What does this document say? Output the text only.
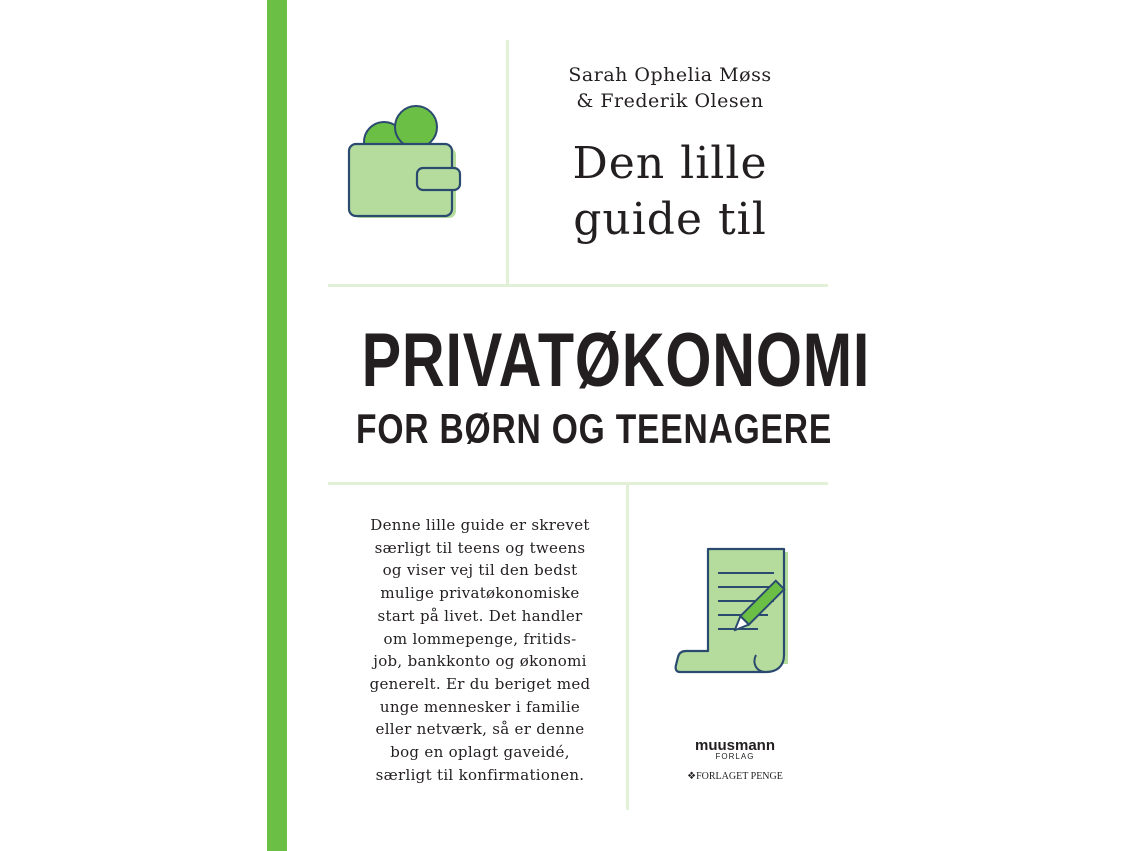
Sarah Ophelia Møss
& Frederik Olesen
Den lille
guide til
PRIVATØKONOMI
FOR BØRN OG TEENAGERE
Denne lille guide er skrevet
særligt til teens og tweens
og viser vej til den bedst
mulige privatøkonomiske
start på livet. Det handler
om lommepenge, fritids-
job, bankkonto og økonomi
generelt. Er du beriget med
unge mennesker i familie
eller netværk, så er denne
bog en oplagt gaveidé,
særligt til konfirmationen.
muusmann
FORLAG
❖FORLAGET PENGE
